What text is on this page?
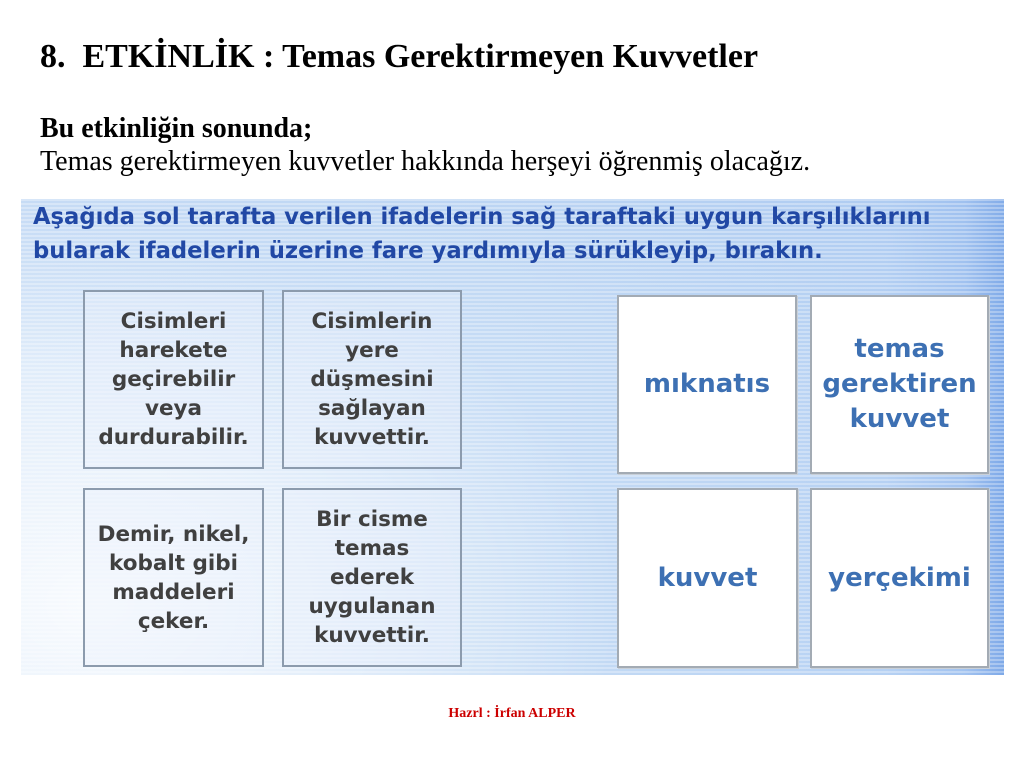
8.  ETKİNLİK : Temas Gerektirmeyen Kuvvetler
Bu etkinliğin sonunda;
Temas gerektirmeyen kuvvetler hakkında herşeyi öğrenmiş olacağız.
Aşağıda sol tarafta verilen ifadelerin sağ taraftaki uygun karşılıklarını
bularak ifadelerin üzerine fare yardımıyla sürükleyip, bırakın.
Cisimleri
harekete
geçirebilir
veya
durdurabilir.
Cisimlerin
yere
düşmesini
sağlayan
kuvvettir.
Demir, nikel,
kobalt gibi
maddeleri
çeker.
Bir cisme
temas
ederek
uygulanan
kuvvettir.
mıknatıs
temas
gerektiren
kuvvet
kuvvet	yerçekimi
Hazrl : İrfan ALPER
